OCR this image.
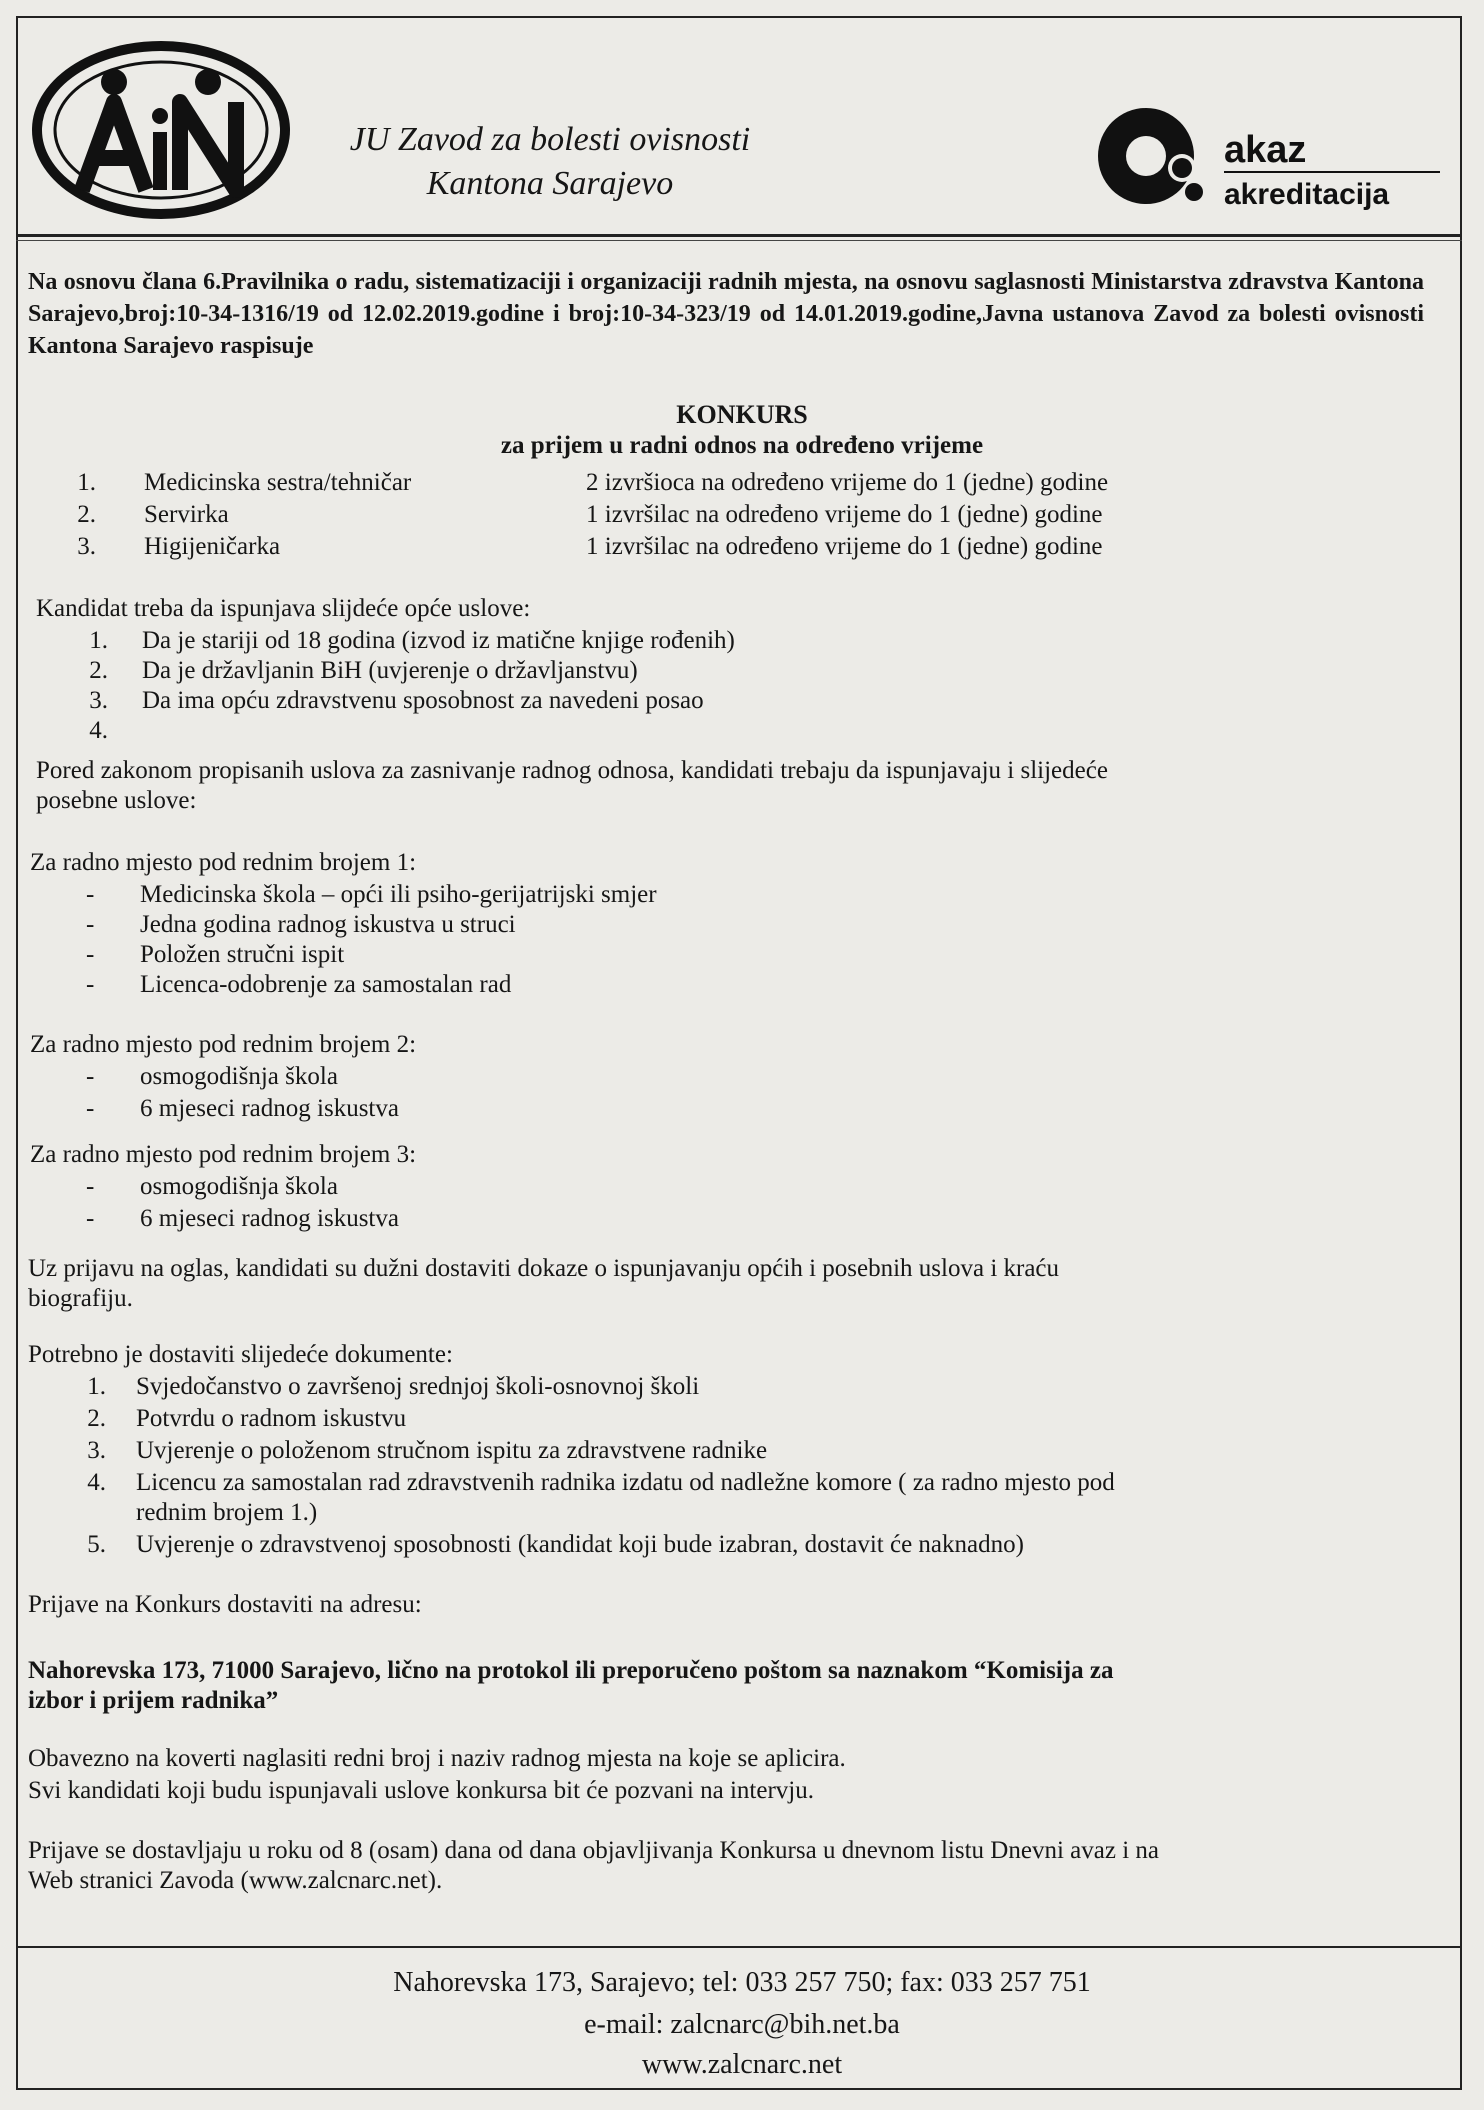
JU Zavod za bolesti ovisnosti
Kantona Sarajevo
akaz
akreditacija
Na osnovu člana 6.Pravilnika o radu, sistematizaciji i organizaciji radnih mjesta, na osnovu saglasnosti Ministarstva zdravstva Kantona Sarajevo,broj:10-34-1316/19 od 12.02.2019.godine i broj:10-34-323/19 od 14.01.2019.godine,Javna ustanova Zavod za bolesti ovisnosti Kantona Sarajevo raspisuje
KONKURS
za prijem u radni odnos na određeno vrijeme
1. Medicinska sestra/tehničar	2 izvršioca na određeno vrijeme do 1 (jedne) godine
2. Servirka	1 izvršilac na određeno vrijeme do 1 (jedne) godine
3. Higijeničarka	1 izvršilac na određeno vrijeme do 1 (jedne) godine
Kandidat treba da ispunjava slijdeće opće uslove:
1. Da je stariji od 18 godina (izvod iz matične knjige rođenih)
2. Da je državljanin BiH (uvjerenje o državljanstvu)
3. Da ima opću zdravstvenu sposobnost za navedeni posao
4.
Pored zakonom propisanih uslova za zasnivanje radnog odnosa, kandidati trebaju da ispunjavaju i slijedeće
posebne uslove:
Za radno mjesto pod rednim brojem 1:
- Medicinska škola – opći ili psiho-gerijatrijski smjer
- Jedna godina radnog iskustva u struci
- Položen stručni ispit
- Licenca-odobrenje za samostalan rad
Za radno mjesto pod rednim brojem 2:
- osmogodišnja škola
- 6 mjeseci radnog iskustva
Za radno mjesto pod rednim brojem 3:
- osmogodišnja škola
- 6 mjeseci radnog iskustva
Uz prijavu na oglas, kandidati su dužni dostaviti dokaze o ispunjavanju općih i posebnih uslova i kraću
biografiju.
Potrebno je dostaviti slijedeće dokumente:
1. Svjedočanstvo o završenoj srednjoj školi-osnovnoj školi
2. Potvrdu o radnom iskustvu
3. Uvjerenje o položenom stručnom ispitu za zdravstvene radnike
4. Licencu za samostalan rad zdravstvenih radnika izdatu od nadležne komore ( za radno mjesto pod
rednim brojem 1.)
5. Uvjerenje o zdravstvenoj sposobnosti (kandidat koji bude izabran, dostavit će naknadno)
Prijave na Konkurs dostaviti na adresu:
Nahorevska 173, 71000 Sarajevo, lično na protokol ili preporučeno poštom sa naznakom “Komisija za
izbor i prijem radnika”
Obavezno na koverti naglasiti redni broj i naziv radnog mjesta na koje se aplicira.
Svi kandidati koji budu ispunjavali uslove konkursa bit će pozvani na intervju.
Prijave se dostavljaju u roku od 8 (osam) dana od dana objavljivanja Konkursa u dnevnom listu Dnevni avaz i na
Web stranici Zavoda (www.zalcnarc.net).
Nahorevska 173, Sarajevo; tel: 033 257 750; fax: 033 257 751
e-mail: zalcnarc@bih.net.ba
www.zalcnarc.net
